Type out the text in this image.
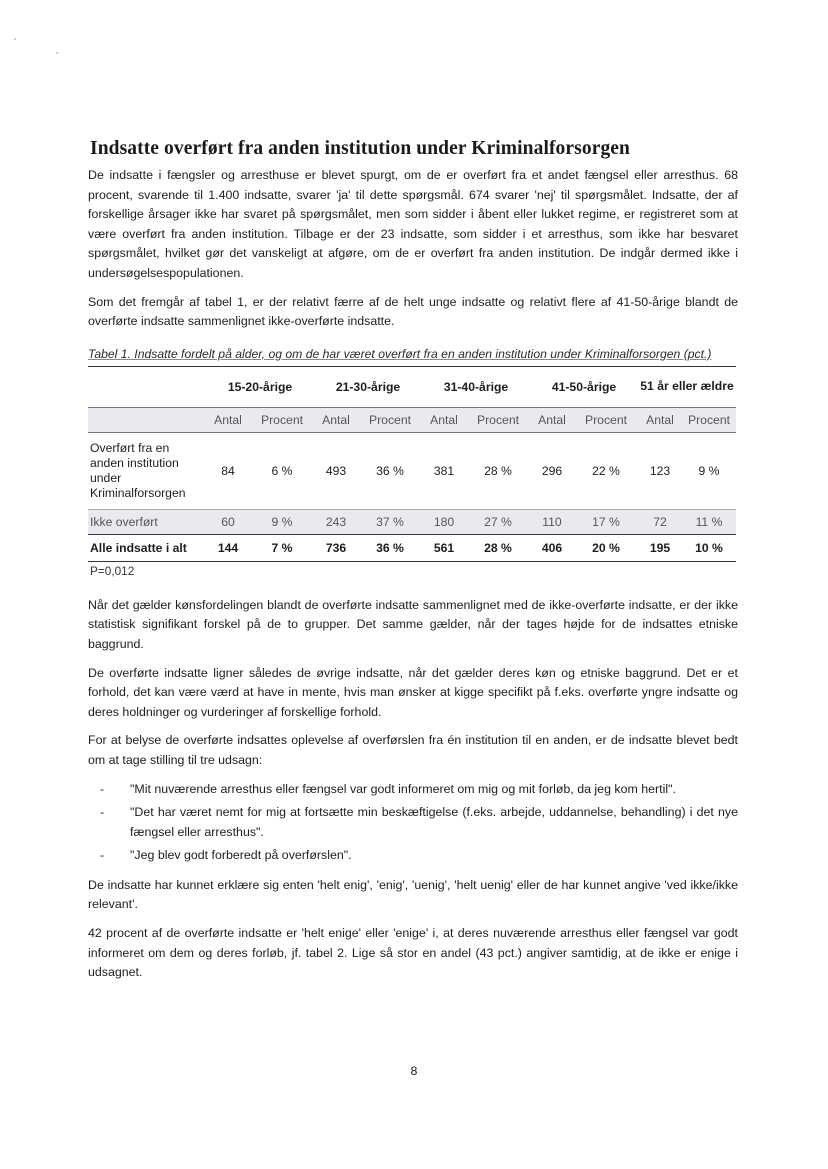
Indsatte overført fra anden institution under Kriminalforsorgen

De indsatte i fængsler og arresthuse er blevet spurgt, om de er overført fra et andet fængsel eller arresthus. 68 procent, svarende til 1.400 indsatte, svarer 'ja' til dette spørgsmål. 674 svarer 'nej' til spørgsmålet. Indsatte, der af forskellige årsager ikke har svaret på spørgsmålet, men som sidder i åbent eller lukket regime, er registreret som at være overført fra anden institution. Tilbage er der 23 indsatte, som sidder i et arresthus, som ikke har besvaret spørgsmålet, hvilket gør det vanskeligt at afgøre, om de er overført fra anden institution. De indgår dermed ikke i undersøgelsespopulationen.

Som det fremgår af tabel 1, er der relativt færre af de helt unge indsatte og relativt flere af 41-50-årige blandt de overførte indsatte sammenlignet ikke-overførte indsatte.

Tabel 1. Indsatte fordelt på alder, og om de har været overført fra en anden institution under Kriminalforsorgen (pct.)
	15-20-årige		21-30-årige		31-40-årige		41-50-årige		51 år eller ældre	
	Antal	Procent	Antal	Procent	Antal	Procent	Antal	Procent	Antal	Procent
Overført fra en anden institution under Kriminalforsorgen	84	6 %	493	36 %	381	28 %	296	22 %	123	9 %
Ikke overført	60	9 %	243	37 %	180	27 %	110	17 %	72	11 %
Alle indsatte i alt	144	7 %	736	36 %	561	28 %	406	20 %	195	10 %
P=0,012

Når det gælder kønsfordelingen blandt de overførte indsatte sammenlignet med de ikke-overførte indsatte, er der ikke statistisk signifikant forskel på de to grupper. Det samme gælder, når der tages højde for de indsattes etniske baggrund.

De overførte indsatte ligner således de øvrige indsatte, når det gælder deres køn og etniske baggrund. Det er et forhold, det kan være værd at have in mente, hvis man ønsker at kigge specifikt på f.eks. overførte yngre indsatte og deres holdninger og vurderinger af forskellige forhold.

For at belyse de overførte indsattes oplevelse af overførslen fra én institution til en anden, er de indsatte blevet bedt om at tage stilling til tre udsagn:

- "Mit nuværende arresthus eller fængsel var godt informeret om mig og mit forløb, da jeg kom hertil".
- "Det har været nemt for mig at fortsætte min beskæftigelse (f.eks. arbejde, uddannelse, behandling) i det nye fængsel eller arresthus".
- "Jeg blev godt forberedt på overførslen".

De indsatte har kunnet erklære sig enten 'helt enig', 'enig', 'uenig', 'helt uenig' eller de har kunnet angive 'ved ikke/ikke relevant'.

42 procent af de overførte indsatte er 'helt enige' eller 'enige' i, at deres nuværende arresthus eller fængsel var godt informeret om dem og deres forløb, jf. tabel 2. Lige så stor en andel (43 pct.) angiver samtidig, at de ikke er enige i udsagnet.

8
